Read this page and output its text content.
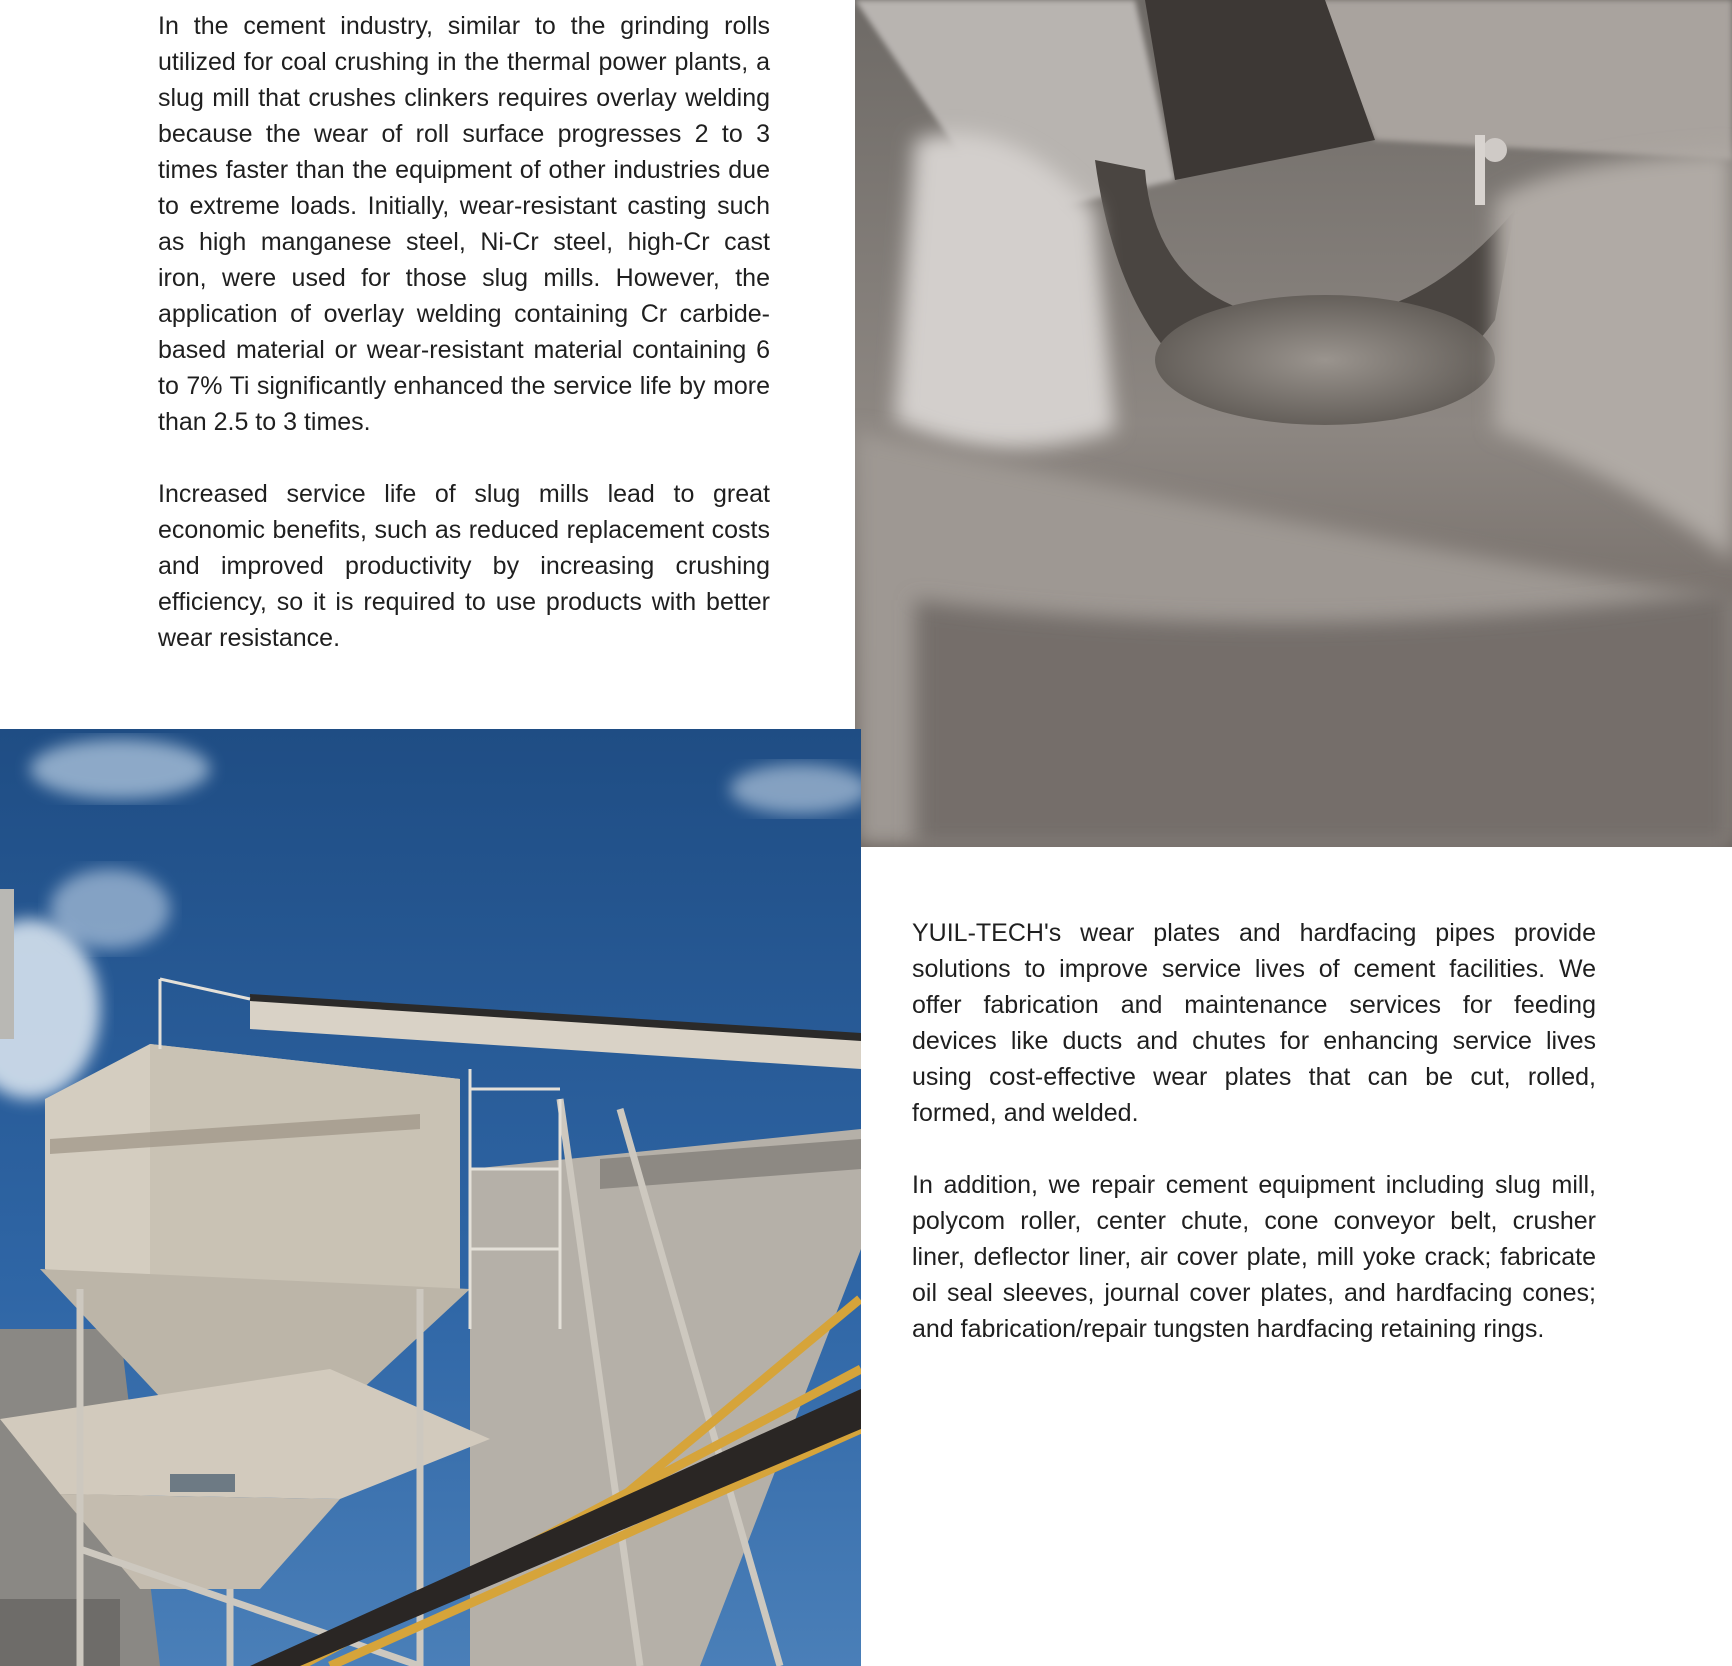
In the cement industry, similar to the grinding rolls utilized for coal crushing in the thermal power plants, a slug mill that crushes clinkers requires overlay welding because the wear of roll surface progresses 2 to 3 times faster than the equipment of other industries due to extreme loads. Initially, wear-resistant casting such as high manganese steel, Ni-Cr steel, high-Cr cast iron, were used for those slug mills. However, the application of overlay welding containing Cr carbide-based material or wear-resistant material containing 6 to 7% Ti significantly enhanced the service life by more than 2.5 to 3 times.

Increased service life of slug mills lead to great economic benefits, such as reduced replacement costs and improved productivity by increasing crushing efficiency, so it is required to use products with better wear resistance.

YUIL-TECH's wear plates and hardfacing pipes provide solutions to improve service lives of cement facilities. We offer fabrication and maintenance services for feeding devices like ducts and chutes for enhancing service lives using cost-effective wear plates that can be cut, rolled, formed, and welded.

In addition, we repair cement equipment including slug mill, polycom roller, center chute, cone conveyor belt, crusher liner, deflector liner, air cover plate, mill yoke crack; fabricate oil seal sleeves, journal cover plates, and hardfacing cones; and fabrication/repair tungsten hardfacing retaining rings.
